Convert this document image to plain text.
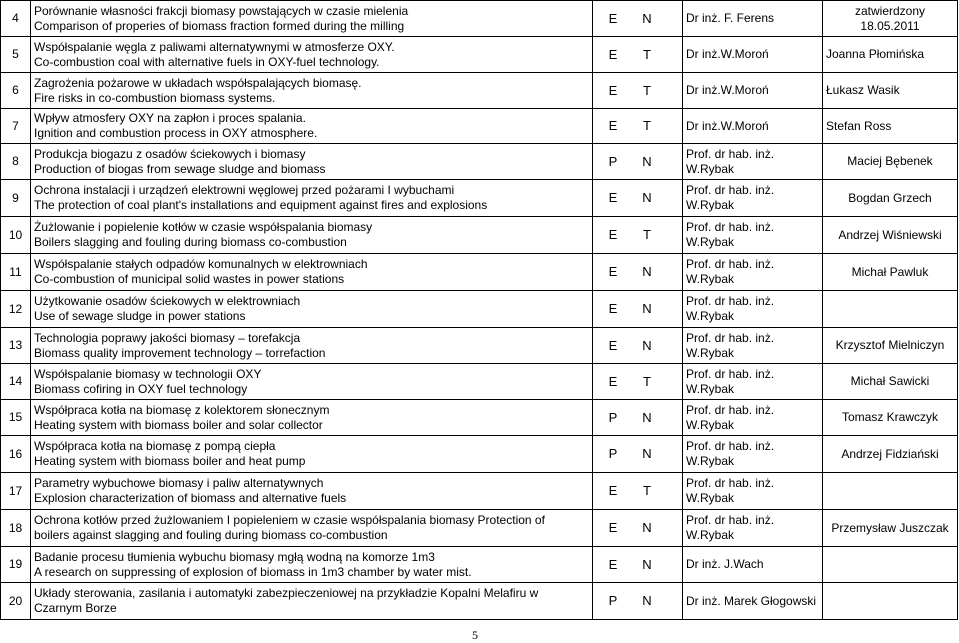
4	Porównanie własności frakcji biomasy powstających w czasie mielenia
Comparison of properies of biomass fraction formed during the milling	E N	Dr inż. F. Ferens	zatwierdzony 18.05.2011
5	Współspalanie węgla z paliwami alternatywnymi w atmosferze OXY.
Co-combustion coal with alternative fuels in OXY-fuel technology.	E T	Dr inż.W.Moroń	Joanna Płomińska
6	Zagrożenia pożarowe w układach współspalających biomasę.
Fire risks in co-combustion biomass systems.	E T	Dr inż.W.Moroń	Łukasz Wasik
7	Wpływ atmosfery OXY na zapłon i proces spalania.
Ignition and combustion process in OXY atmosphere.	E T	Dr inż.W.Moroń	Stefan Ross
8	Produkcja biogazu z osadów ściekowych i biomasy
Production of biogas from sewage sludge and biomass	P N	Prof. dr hab. inż. W.Rybak	Maciej Bębenek
9	Ochrona instalacji i urządzeń elektrowni węglowej przed pożarami I wybuchami
The protection of coal plant's installations and equipment against fires and explosions	E N	Prof. dr hab. inż. W.Rybak	Bogdan Grzech
10	Żużlowanie i popielenie kotłów w czasie współspalania biomasy
Boilers slagging and fouling during biomass co-combustion	E T	Prof. dr hab. inż. W.Rybak	Andrzej Wiśniewski
11	Współspalanie stałych odpadów komunalnych w elektrowniach
Co-combustion of municipal solid wastes in power stations	E N	Prof. dr hab. inż. W.Rybak	Michał Pawluk
12	Użytkowanie osadów ściekowych w elektrowniach
Use of sewage sludge in power stations	E N	Prof. dr hab. inż. W.Rybak	
13	Technologia poprawy jakości biomasy – torefakcja
Biomass quality improvement technology – torrefaction	E N	Prof. dr hab. inż. W.Rybak	Krzysztof Mielniczyn
14	Współspalanie biomasy w technologii OXY
Biomass cofiring in OXY fuel technology	E T	Prof. dr hab. inż. W.Rybak	Michał Sawicki
15	Współpraca kotła na biomasę z kolektorem słonecznym
Heating system with biomass boiler and solar collector	P N	Prof. dr hab. inż. W.Rybak	Tomasz Krawczyk
16	Współpraca kotła na biomasę z pompą ciepła
Heating system with biomass boiler and heat pump	P N	Prof. dr hab. inż. W.Rybak	Andrzej Fidziański
17	Parametry wybuchowe biomasy i paliw alternatywnych
Explosion characterization of biomass and alternative fuels	E T	Prof. dr hab. inż. W.Rybak	
18	Ochrona kotłów przed żużlowaniem I popieleniem w czasie współspalania biomasy Protection of
boilers against slagging and fouling during biomass co-combustion	E N	Prof. dr hab. inż. W.Rybak	Przemysław Juszczak
19	Badanie procesu tłumienia wybuchu biomasy mgłą wodną na komorze 1m3
A research on suppressing of explosion of biomass in 1m3 chamber by water mist.	E N	Dr inż. J.Wach	
20	Układy sterowania, zasilania i automatyki zabezpieczeniowej na przykładzie Kopalni Melafiru w
Czarnym Borze	P N	Dr inż. Marek Głogowski	
5
